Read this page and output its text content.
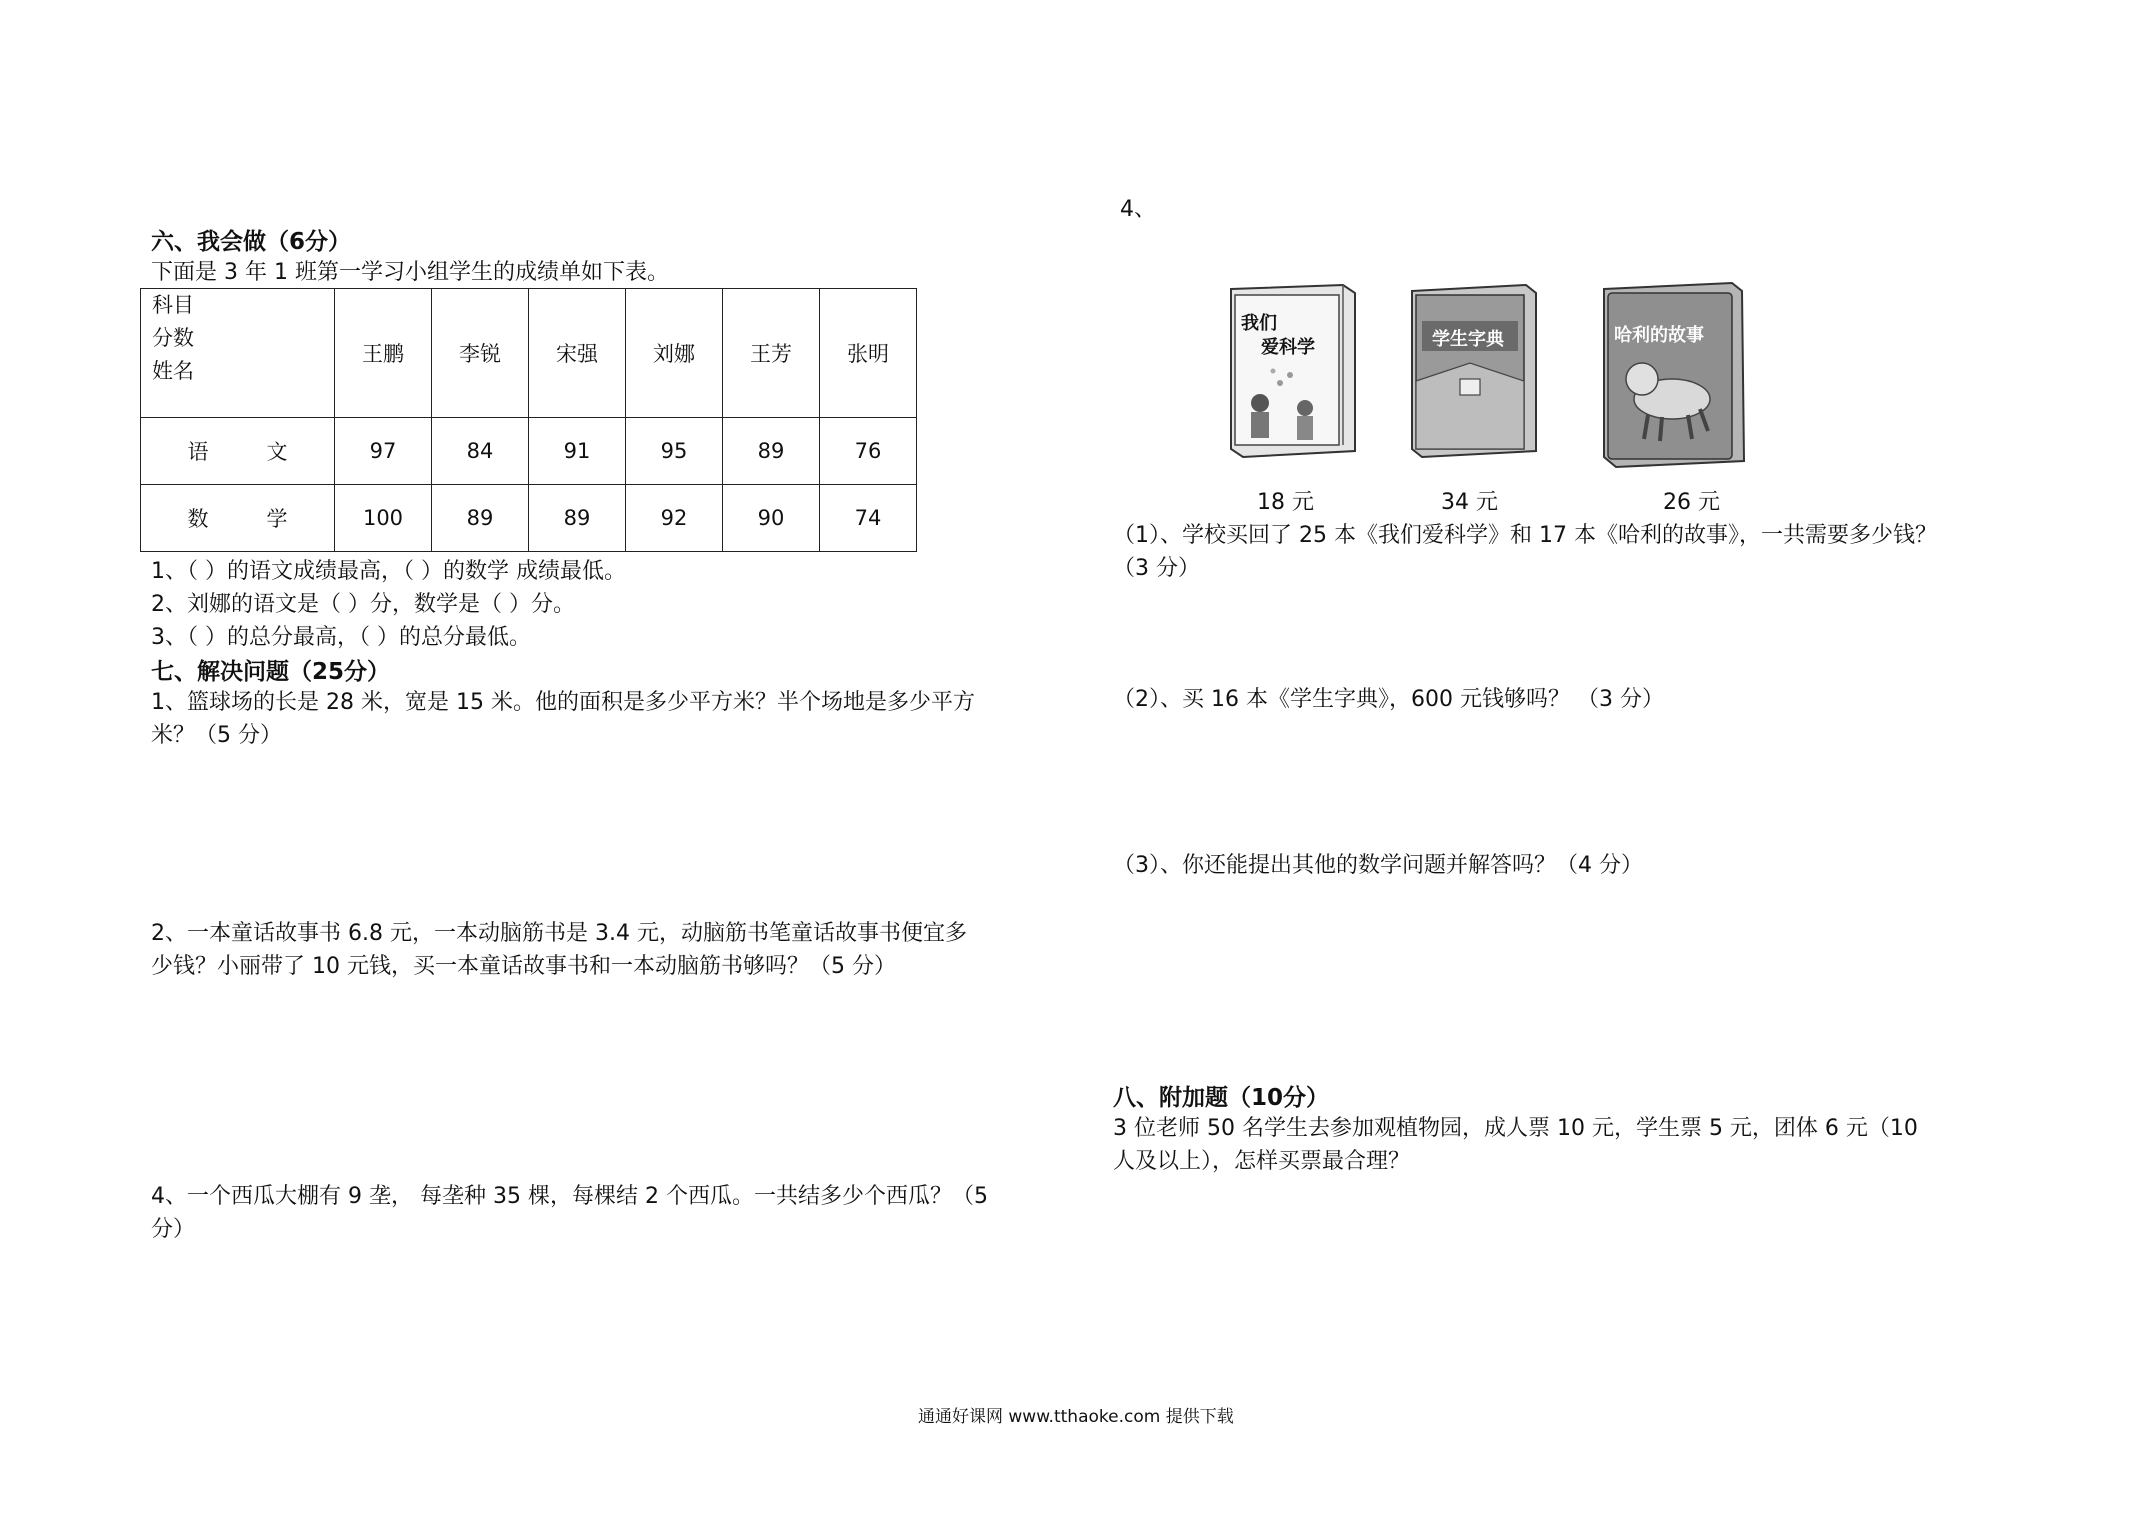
六、我会做（6分）
下面是 3 年 1 班第一学习小组学生的成绩单如下表。
科目
分数
姓名	王鹏	李锐	宋强	刘娜	王芳	张明
语文	97	84	91	95	89	76
数学	100	89	89	92	90	74
1、（ ）的语文成绩最高，（ ）的数学 成绩最低。
2、刘娜的语文是（ ）分，数学是（ ）分。
3、（ ）的总分最高，（ ）的总分最低。
七、解决问题（25分）
1、篮球场的长是 28 米，宽是 15 米。他的面积是多少平方米？半个场地是多少平方
米？（5 分）
2、一本童话故事书 6.8 元，一本动脑筋书是 3.4 元，动脑筋书笔童话故事书便宜多
少钱？小丽带了 10 元钱，买一本童话故事书和一本动脑筋书够吗？（5 分）
4、一个西瓜大棚有 9 垄， 每垄种 35 棵，每棵结 2 个西瓜。一共结多少个西瓜？（5
分）
4、
我们
爱科学	学生字典	哈利的故事
18 元	34 元	26 元
（1）、学校买回了 25 本《我们爱科学》和 17 本《哈利的故事》，一共需要多少钱？
（3 分）
（2）、买 16 本《学生字典》，600 元钱够吗？ （3 分）
（3）、你还能提出其他的数学问题并解答吗？（4 分）
八、附加题（10分）
3 位老师 50 名学生去参加观植物园，成人票 10 元，学生票 5 元，团体 6 元（10
人及以上），怎样买票最合理？
通通好课网 www.tthaoke.com 提供下载
